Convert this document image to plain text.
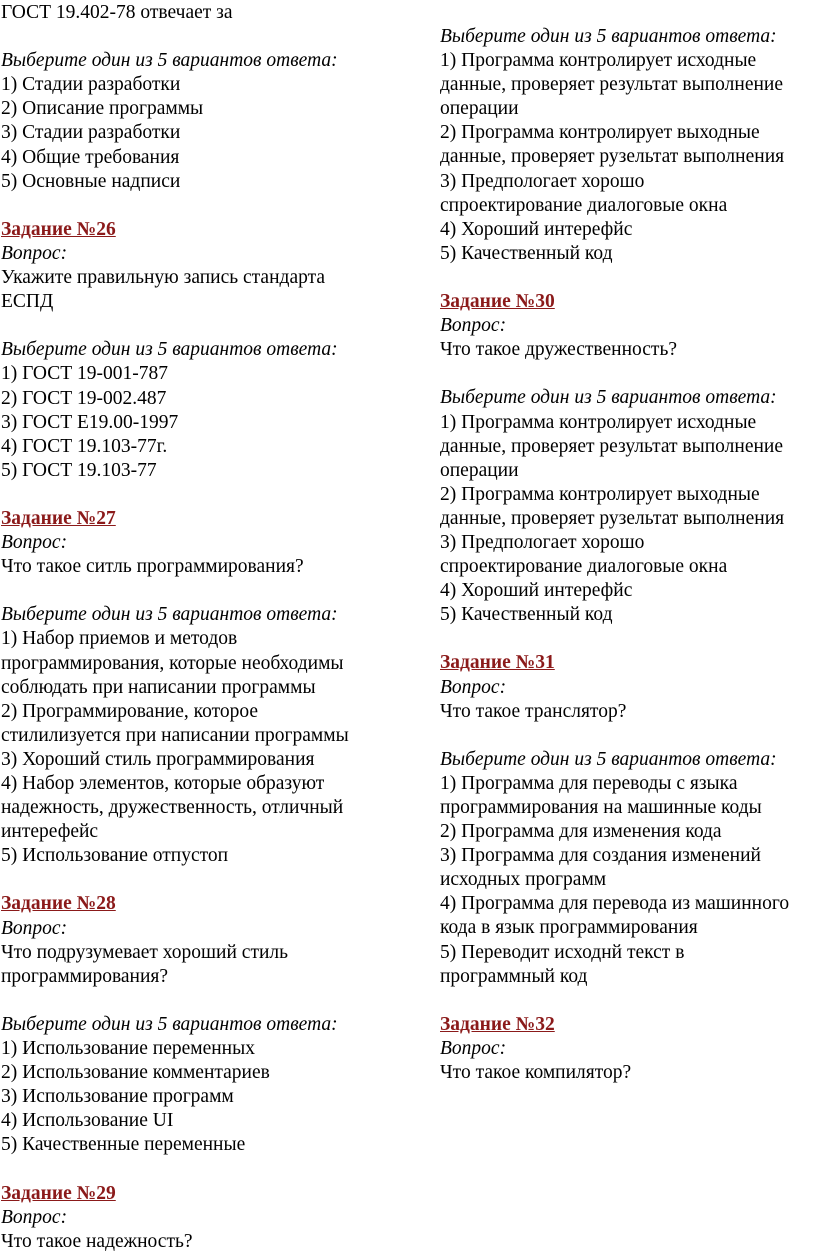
ГОСТ 19.402-78 отвечает за
Выберите один из 5 вариантов ответа:
1) Стадии разработки
2) Описание программы
3) Стадии разработки
4) Общие требования
5) Основные надписи
Задание №26
Вопрос:
Укажите правильную запись стандарта
ЕСПД
Выберите один из 5 вариантов ответа:
1) ГОСТ 19-001-787
2) ГОСТ 19-002.487
3) ГОСТ Е19.00-1997
4) ГОСТ 19.103-77г.
5) ГОСТ 19.103-77
Задание №27
Вопрос:
Что такое ситль программирования?
Выберите один из 5 вариантов ответа:
1) Набор приемов и методов
программирования, которые необходимы
соблюдать при написании программы
2) Программирование, которое
стилилизуется при написании программы
3) Хороший стиль программирования
4) Набор элементов, которые образуют
надежность, дружественность, отличный
интерефейс
5) Использование отпустоп
Задание №28
Вопрос:
Что подрузумевает хороший стиль
программирования?
Выберите один из 5 вариантов ответа:
1) Использование переменных
2) Использование комментариев
3) Использование программ
4) Использование UI
5) Качественные переменные
Задание №29
Вопрос:
Что такое надежность?
Выберите один из 5 вариантов ответа:
1) Программа контролирует исходные
данные, проверяет результат выполнение
операции
2) Программа контролирует выходные
данные, проверяет рузельтат выполнения
3) Предпологает хорошо
спроектирование диалоговые окна
4) Хороший интерефйс
5) Качественный код
Задание №30
Вопрос:
Что такое дружественность?
Выберите один из 5 вариантов ответа:
1) Программа контролирует исходные
данные, проверяет результат выполнение
операции
2) Программа контролирует выходные
данные, проверяет рузельтат выполнения
3) Предпологает хорошо
спроектирование диалоговые окна
4) Хороший интерефйс
5) Качественный код
Задание №31
Вопрос:
Что такое транслятор?
Выберите один из 5 вариантов ответа:
1) Программа для переводы с языка
программирования на машинные коды
2) Программа для изменения кода
3) Программа для создания изменений
исходных программ
4) Программа для перевода из машинного
кода в язык программирования
5) Переводит исходнй текст в
программный код
Задание №32
Вопрос:
Что такое компилятор?
